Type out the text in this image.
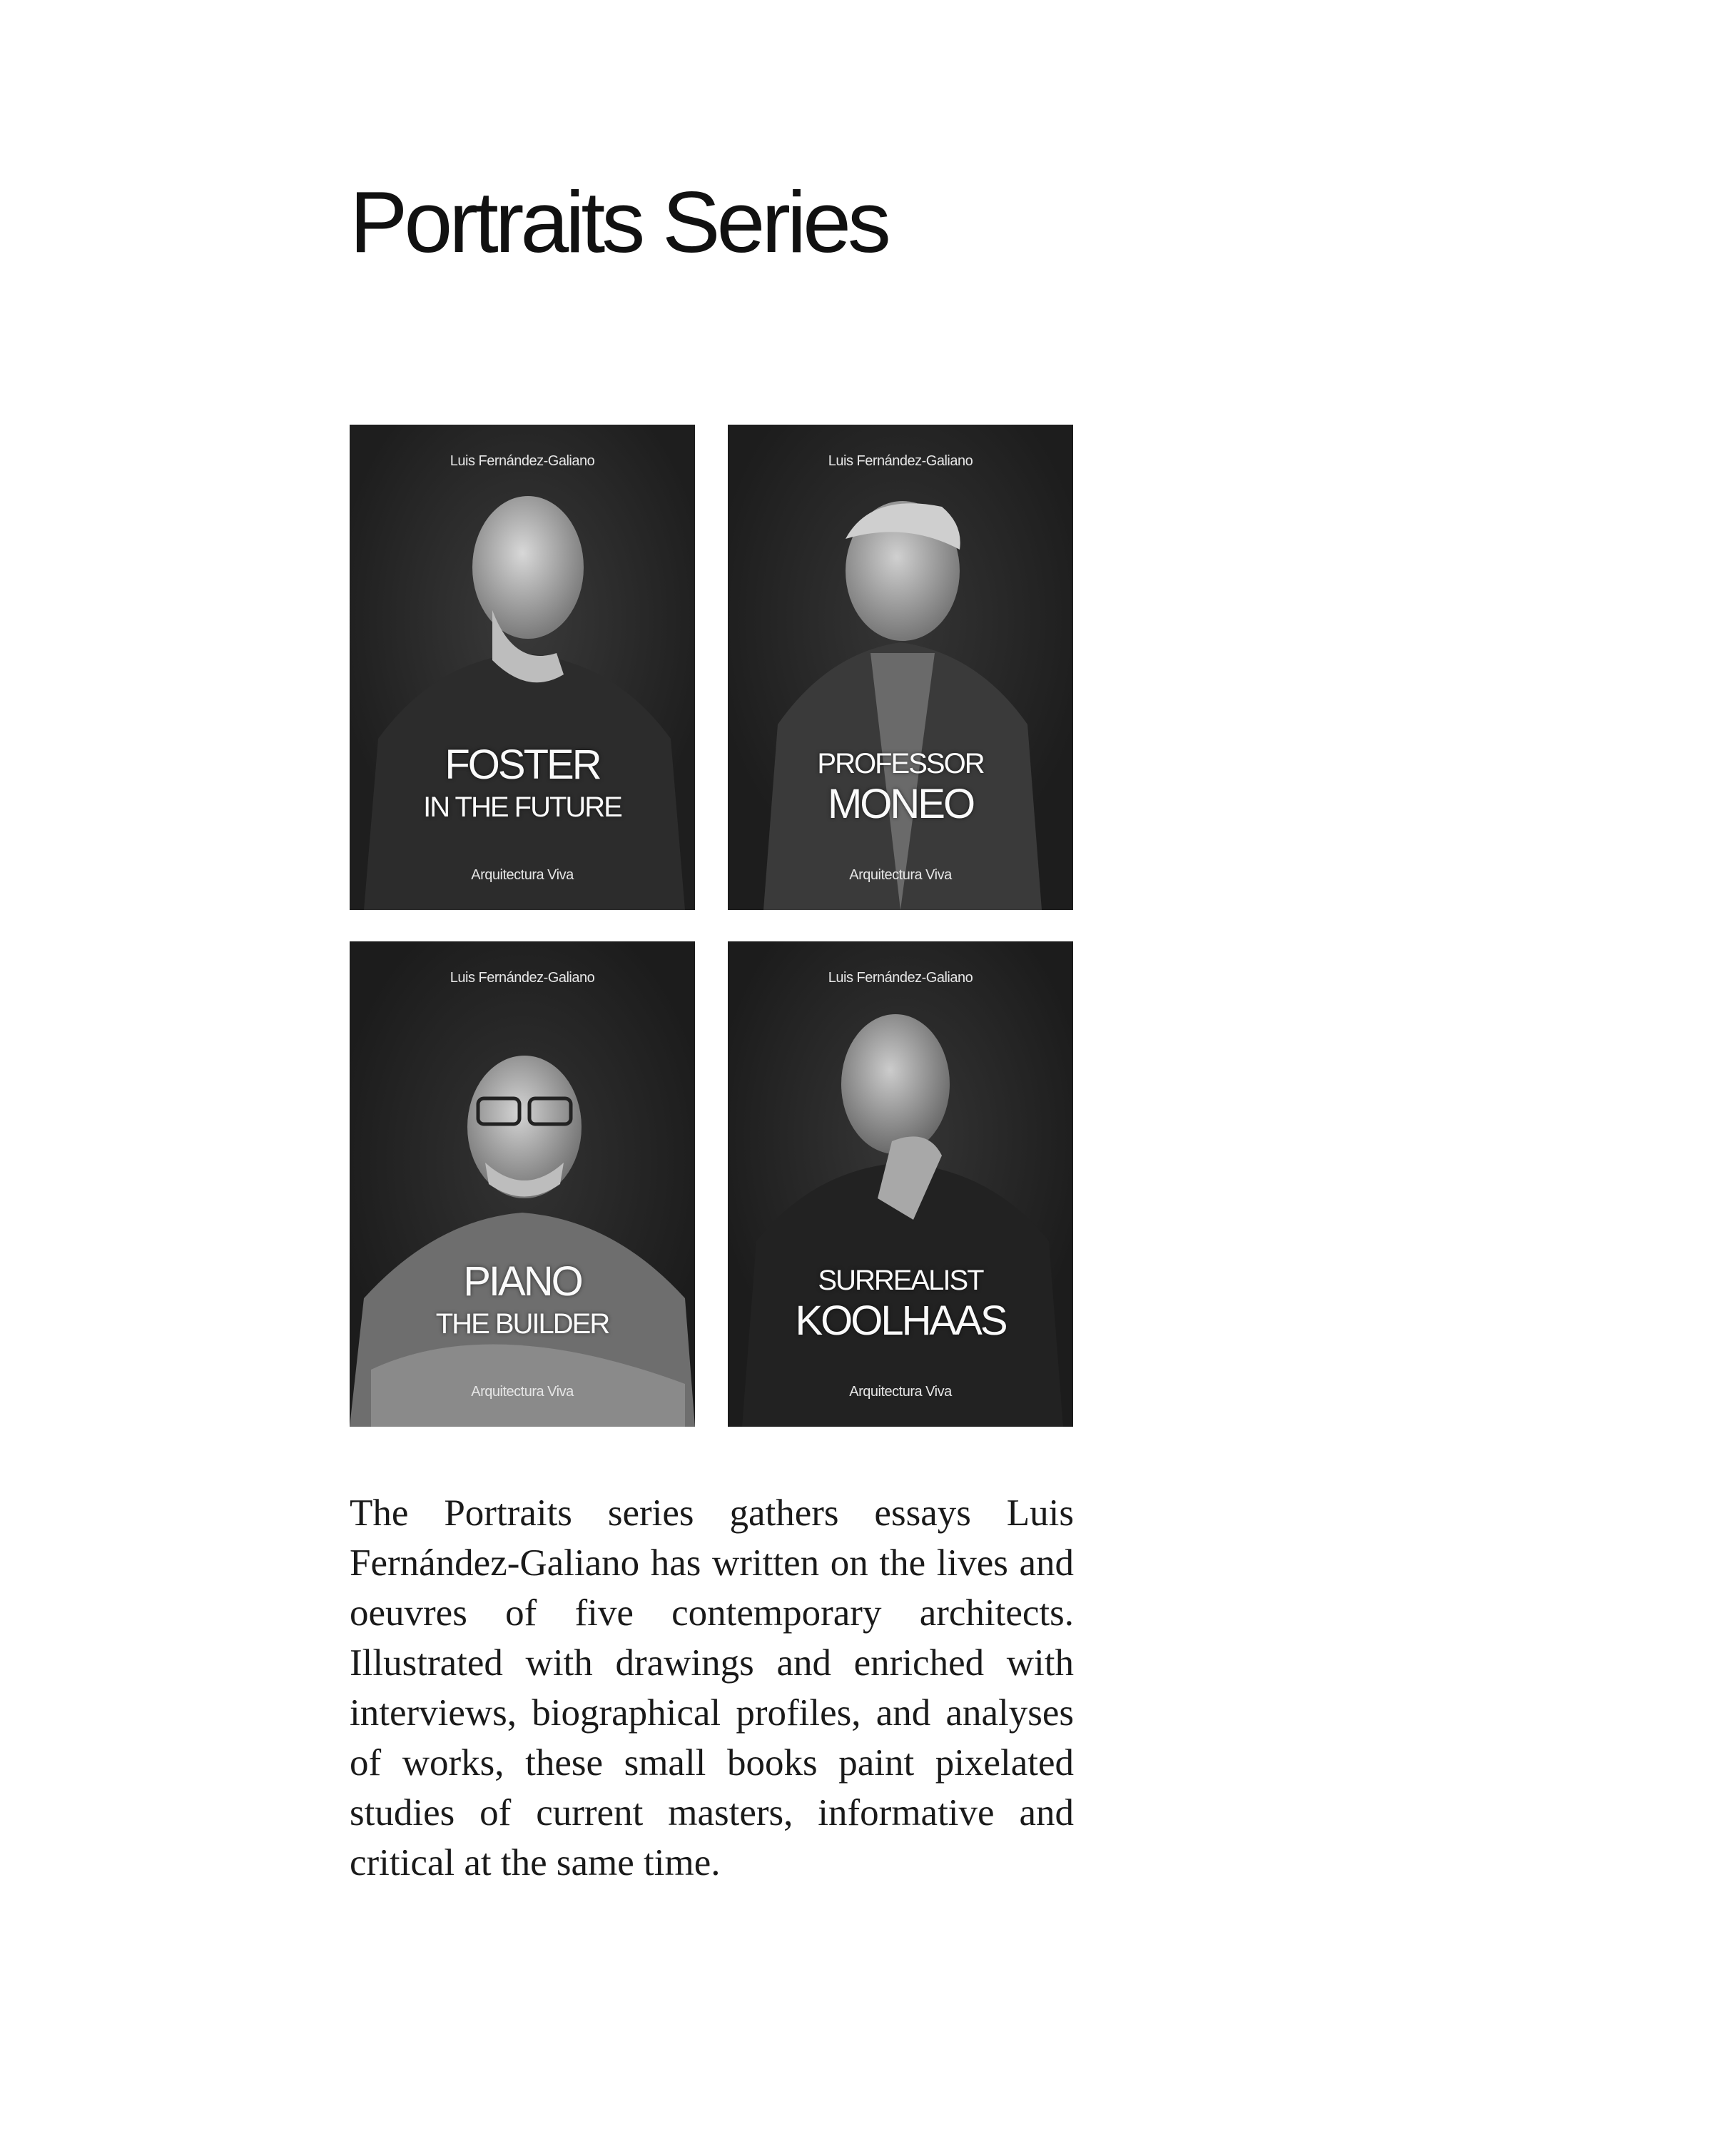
Portraits Series
Luis Fernández-Galiano
FOSTER
IN THE FUTURE
Arquitectura Viva
Luis Fernández-Galiano
PROFESSOR
MONEO
Arquitectura Viva
Luis Fernández-Galiano
PIANO
THE BUILDER
Arquitectura Viva
Luis Fernández-Galiano
SURREALIST
KOOLHAAS
Arquitectura Viva

The Portraits series gathers essays Luis Fernández-Galiano has written on the lives and oeuvres of five contemporary architects. Illustrated with drawings and enriched with interviews, biographical profiles, and analyses of works, these small books paint pixelated studies of current masters, informative and critical at the same time.
